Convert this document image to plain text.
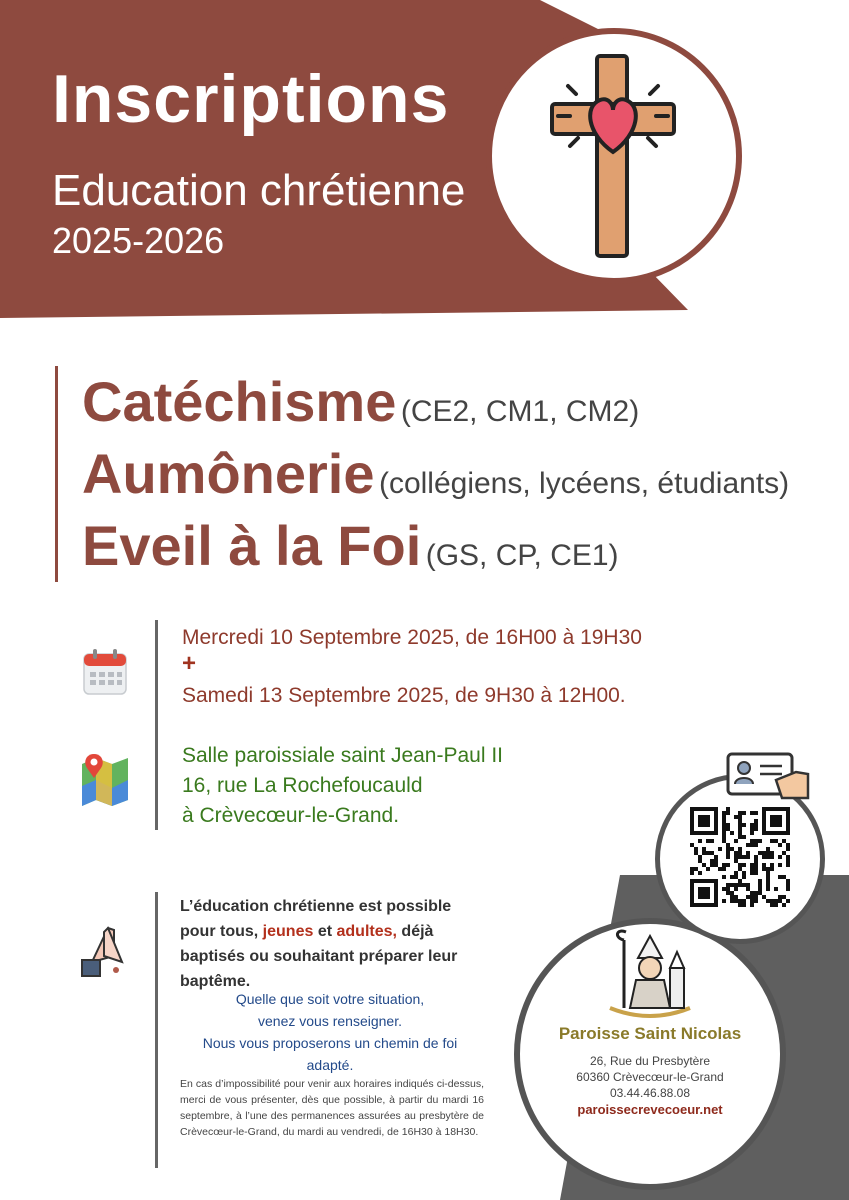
Inscriptions
Education chrétienne
2025-2026
Catéchisme (CE2, CM1, CM2)
Aumônerie (collégiens, lycéens, étudiants)
Eveil à la Foi (GS, CP, CE1)
Mercredi 10 Septembre 2025, de 16H00 à 19H30
+
Samedi 13 Septembre 2025, de 9H30 à 12H00.
Salle paroissiale saint Jean-Paul II
16, rue La Rochefoucauld
à Crèvecœur-le-Grand.
L’éducation chrétienne est possible pour tous, jeunes et adultes, déjà baptisés ou souhaitant préparer leur baptême.
Quelle que soit votre situation,
venez vous renseigner.
Nous vous proposerons un chemin de foi adapté.
En cas d’impossibilité pour venir aux horaires indiqués ci-dessus, merci de vous présenter, dès que possible, à partir du mardi 16 septembre, à l’une des permanences assurées au presbytère de Crèvecœur-le-Grand, du mardi au vendredi, de 16H30 à 18H30.
Paroisse Saint Nicolas
26, Rue du Presbytère
60360 Crèvecœur-le-Grand
03.44.46.88.08
paroissecrevecoeur.net
